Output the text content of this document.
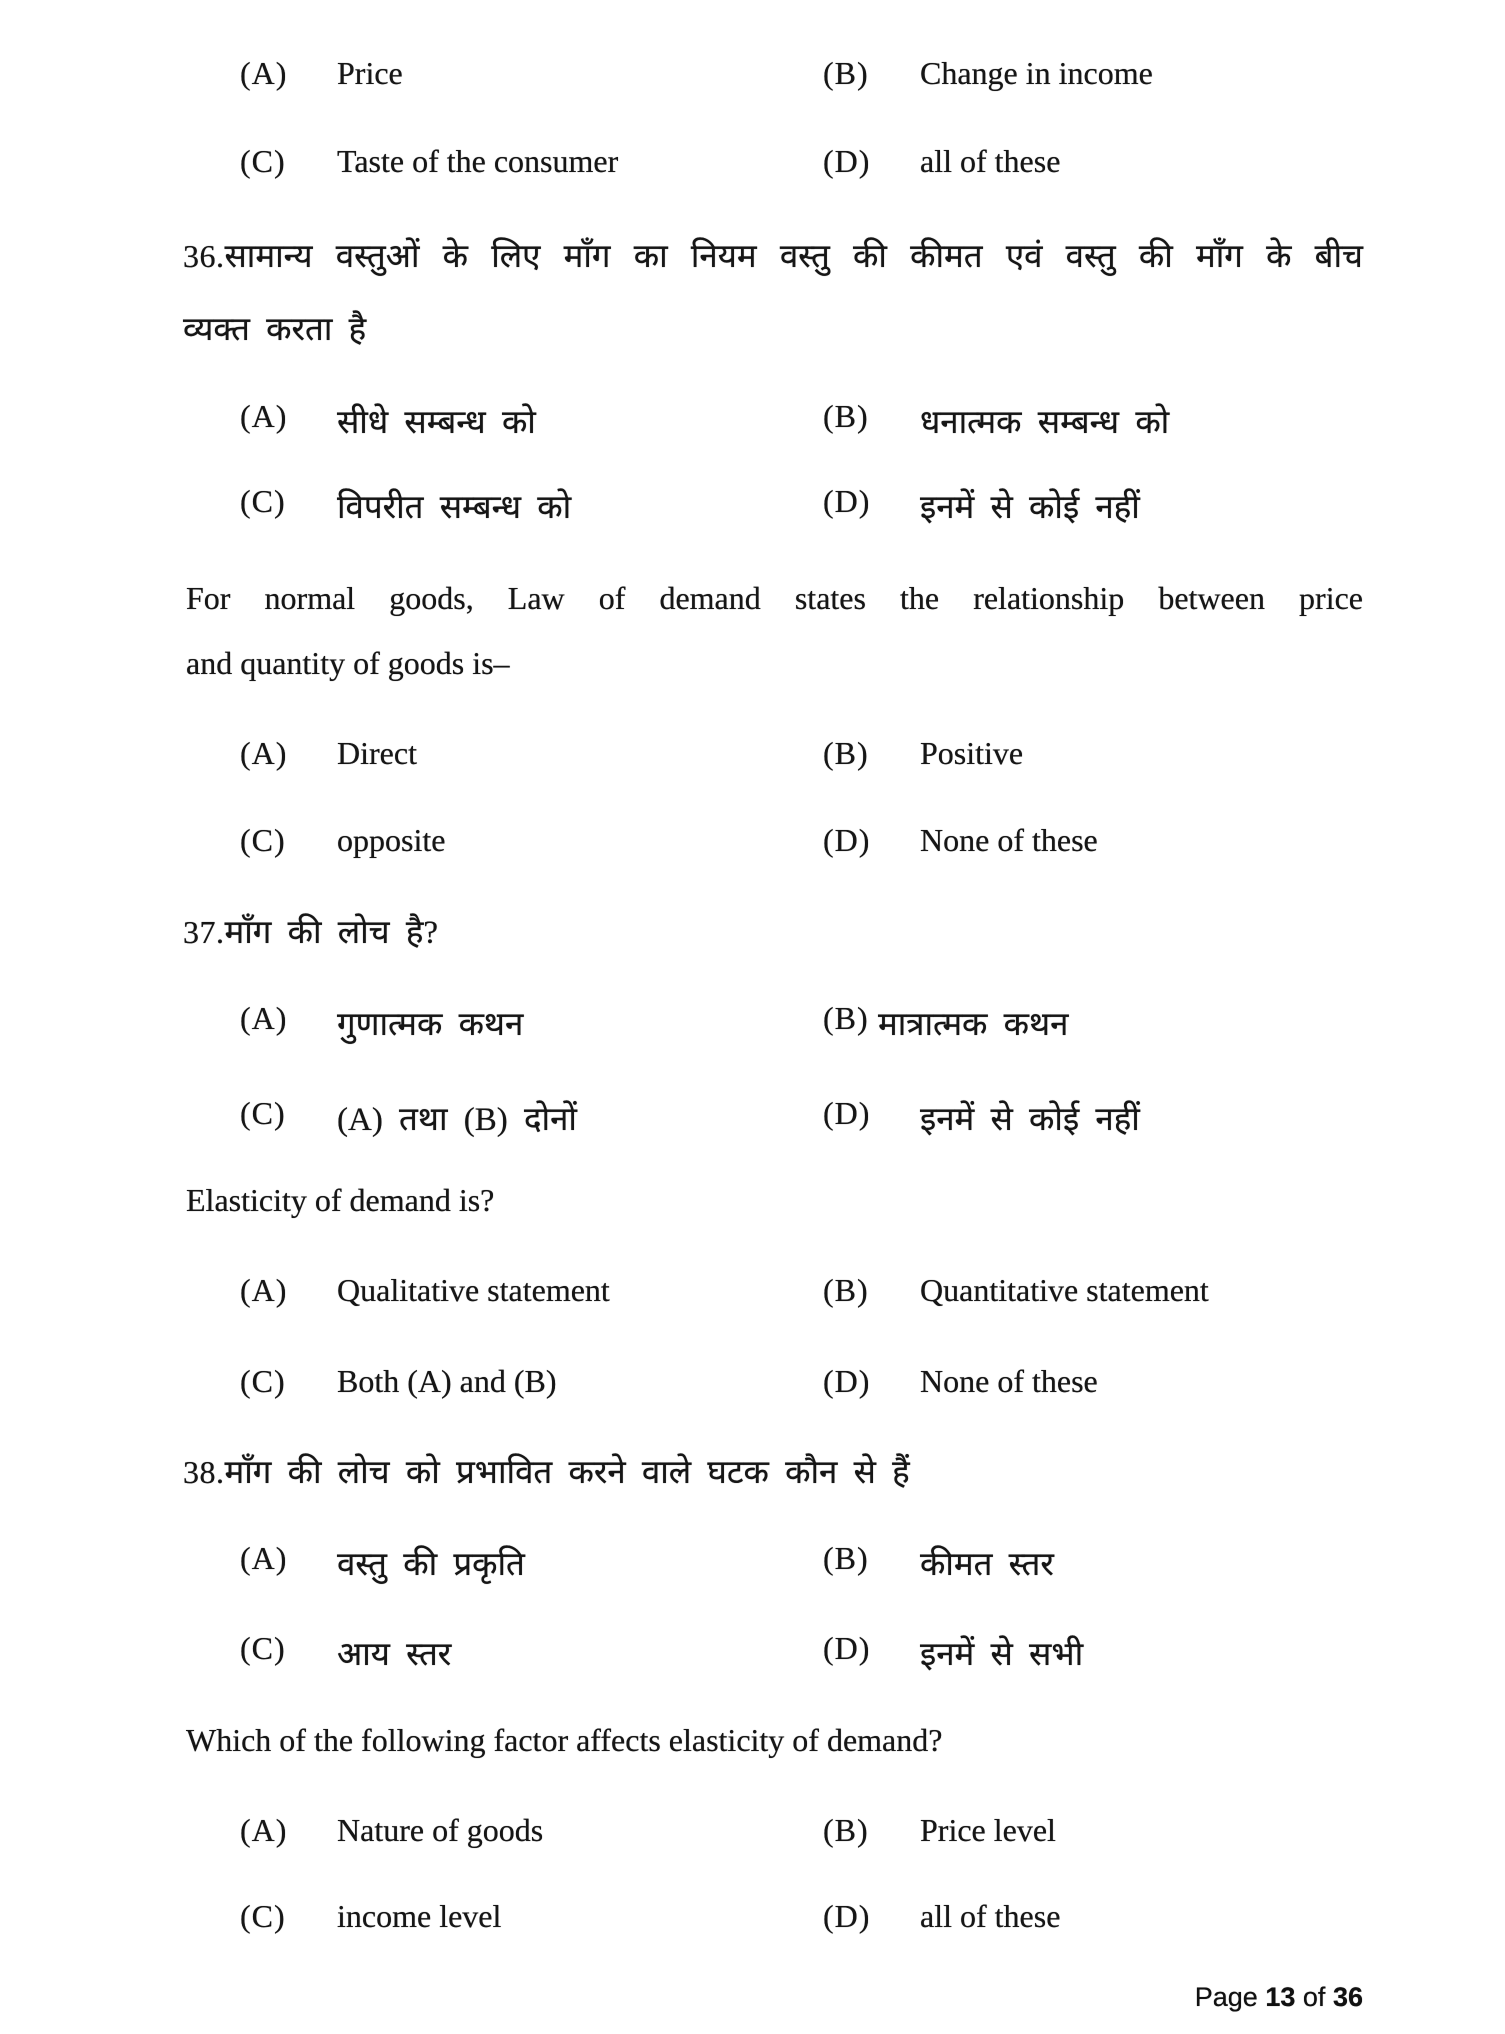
(A) Price	(B) Change in income
(C) Taste of the consumer	(D) all of these
36.सामान्य वस्तुओं के लिए माँग का नियम वस्तु की कीमत एवं वस्तु की माँग के बीच
व्यक्त करता है
(A) सीधे सम्बन्ध को	(B) धनात्मक सम्बन्ध को
(C) विपरीत सम्बन्ध को	(D) इनमें से कोई नहीं
For normal goods, Law of demand states the relationship between price
and quantity of goods is–
(A) Direct	(B) Positive
(C) opposite	(D) None of these
37.माँग की लोच है?
(A) गुणात्मक कथन	(B) मात्रात्मक कथन
(C) (A) तथा (B) दोनों	(D) इनमें से कोई नहीं
Elasticity of demand is?
(A) Qualitative statement	(B) Quantitative statement
(C) Both (A) and (B)	(D) None of these
38.माँग की लोच को प्रभावित करने वाले घटक कौन से हैं
(A) वस्तु की प्रकृति	(B) कीमत स्तर
(C) आय स्तर	(D) इनमें से सभी
Which of the following factor affects elasticity of demand?
(A) Nature of goods	(B) Price level
(C) income level	(D) all of these
Page 13 of 36
